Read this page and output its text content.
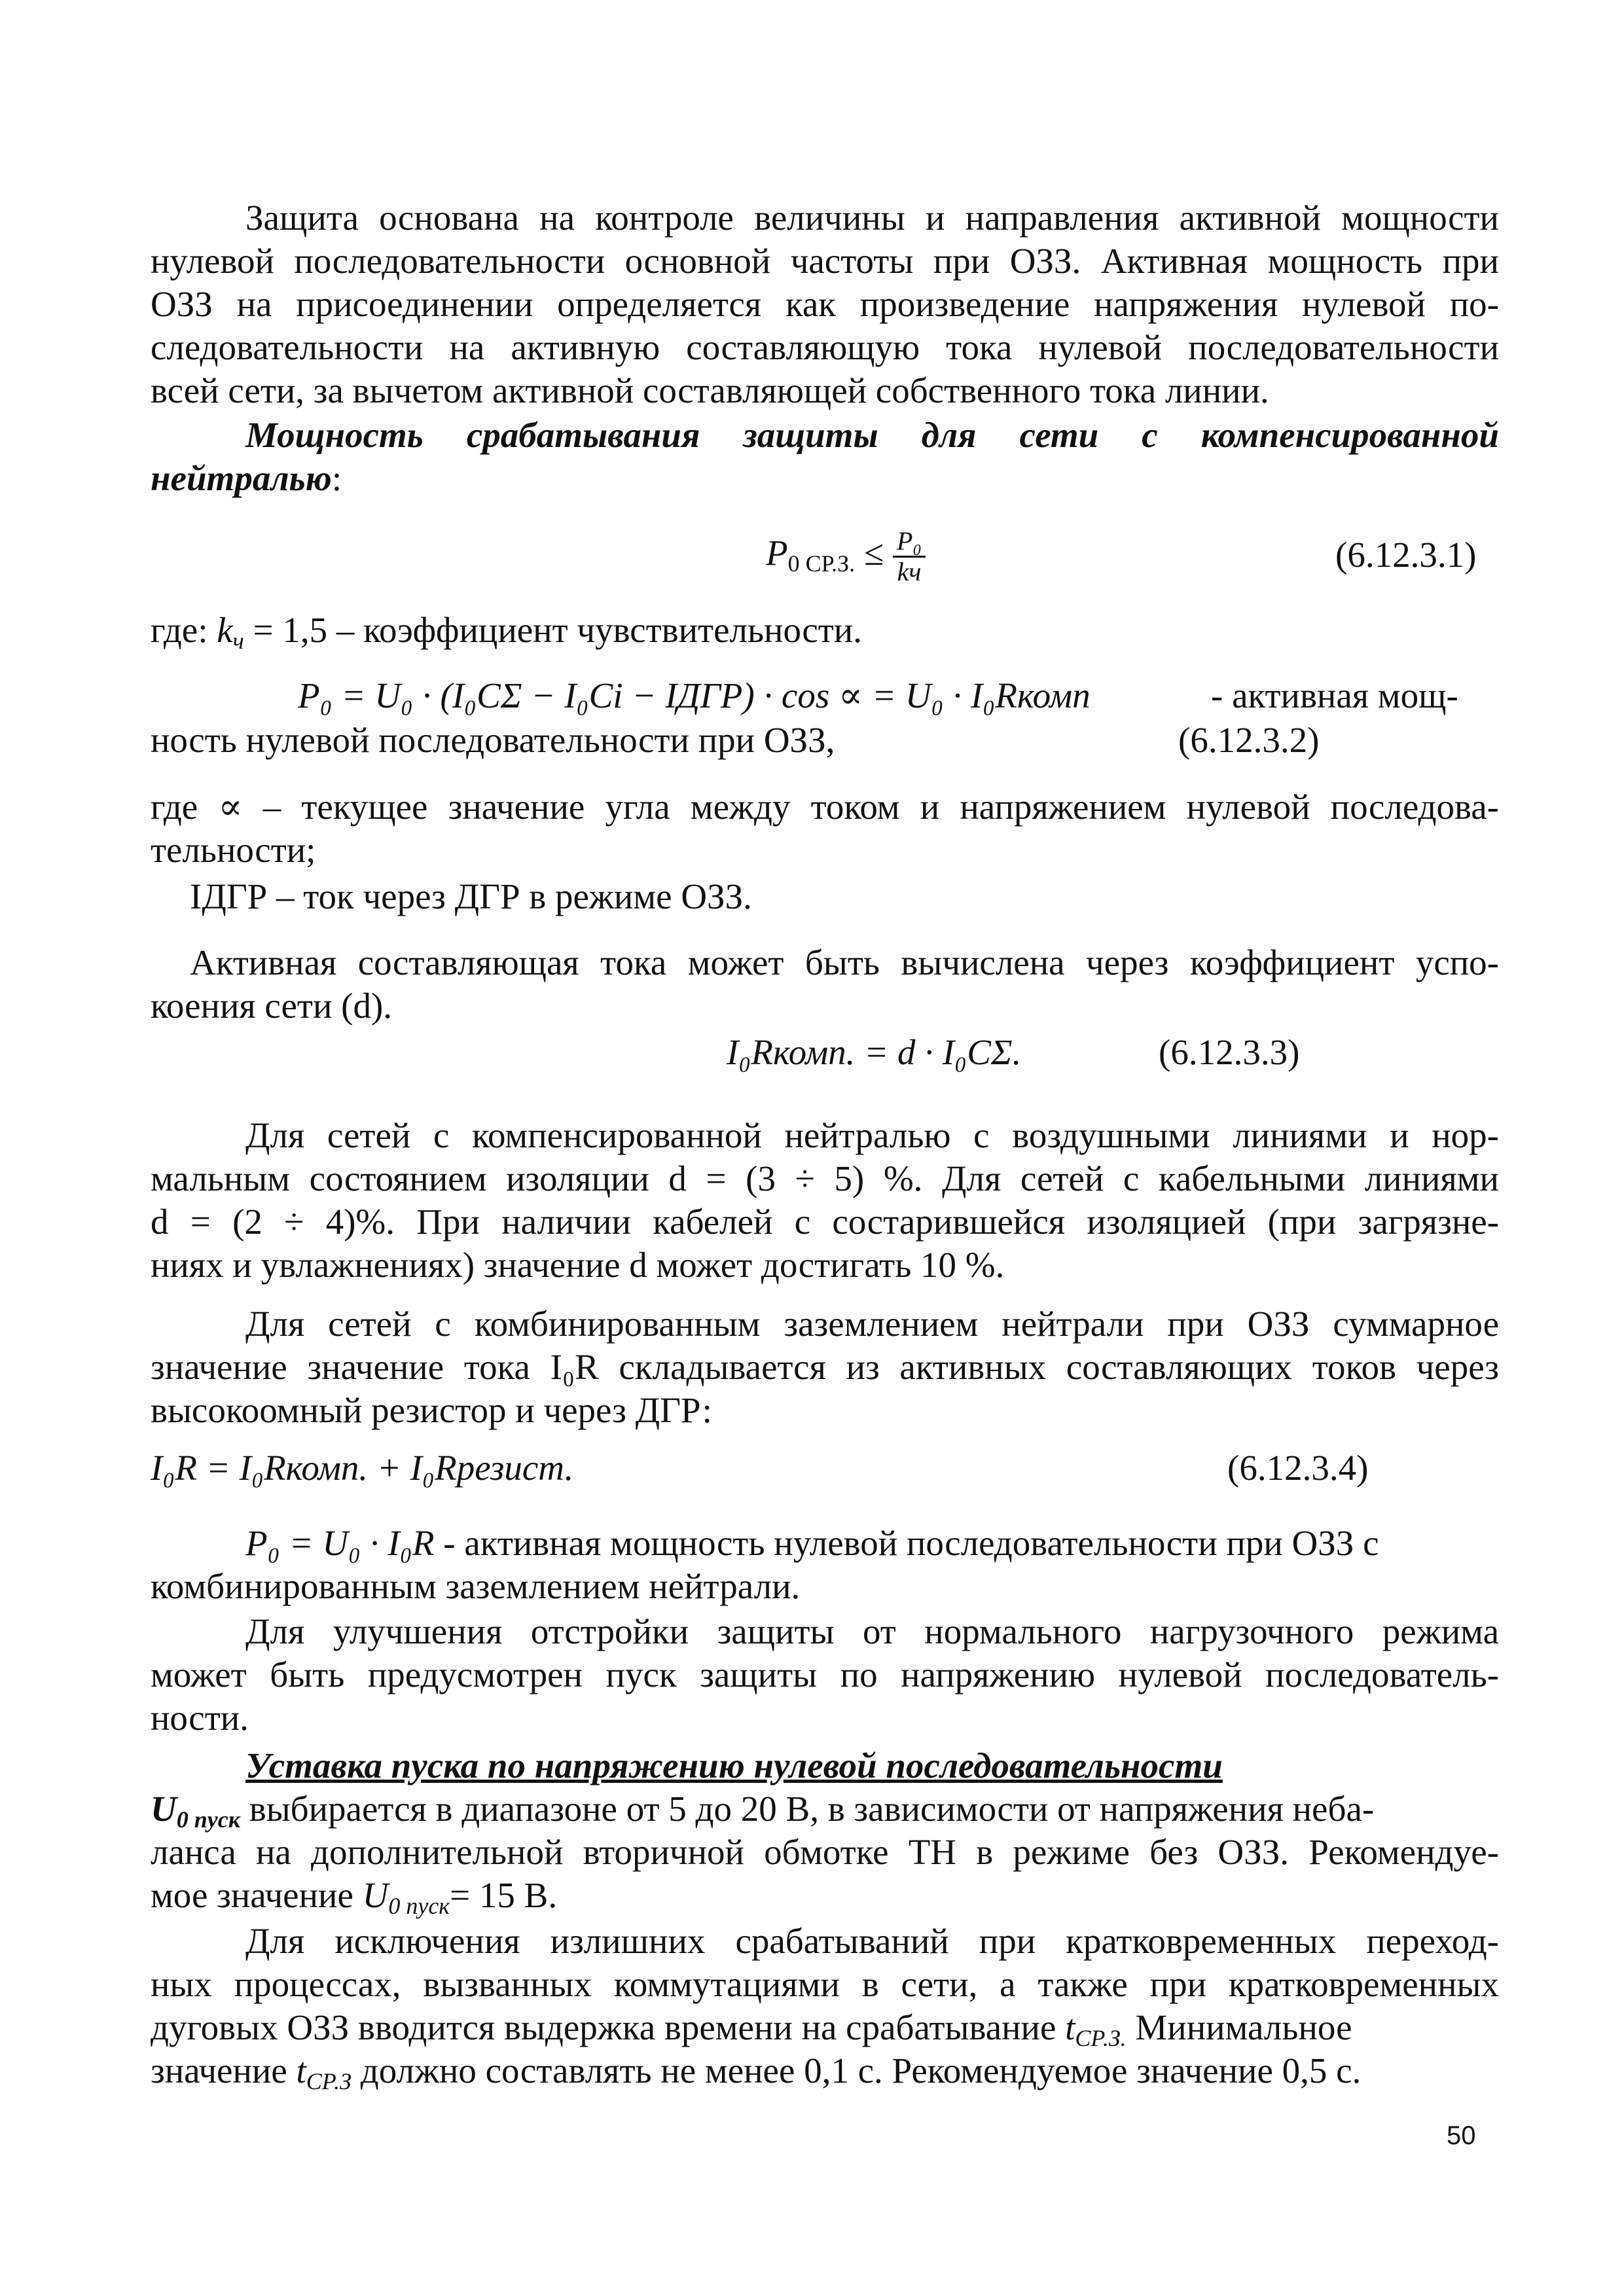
Защита основана на контроле величины и направления активной мощности
нулевой последовательности основной частоты при ОЗЗ. Активная мощность при
ОЗЗ на присоединении определяется как произведение напряжения нулевой по-
следовательности на активную составляющую тока нулевой последовательности
всей сети, за вычетом активной составляющей собственного тока линии.
Мощность срабатывания защиты для сети с компенсированной
нейтралью:
$P_{0 СР.З.} \le \frac{\text{P₀}}{kч}$	(6.12.3.1)
где: kч = 1,5 – коэффициент чувствительности.
P₀ = U₀ · (I₀CΣ − I₀Ci − IДГР) · cos ∝ = U₀ · I₀Rкомп	- активная мощ-
ность нулевой последовательности при ОЗЗ,	(6.12.3.2)
где ∝ – текущее значение угла между током и напряжением нулевой последова-
тельности;
IДГР – ток через ДГР в режиме ОЗЗ.
Активная составляющая тока может быть вычислена через коэффициент успо-
коения сети (d).
I₀Rкомп. = d · I₀CΣ.	(6.12.3.3)
Для сетей с компенсированной нейтралью с воздушными линиями и нор-
мальным состоянием изоляции d = (3 ÷ 5) %. Для сетей с кабельными линиями
d = (2 ÷ 4)%. При наличии кабелей с состарившейся изоляцией (при загрязне-
ниях и увлажнениях) значение d может достигать 10 %.
Для сетей с комбинированным заземлением нейтрали при ОЗЗ суммарное
значение значение тока I₀R складывается из активных составляющих токов через
высокоомный резистор и через ДГР:
I₀R = I₀Rкомп. + I₀Rрезист.	(6.12.3.4)
P₀ = U₀ · I₀R - активная мощность нулевой последовательности при ОЗЗ с
комбинированным заземлением нейтрали.
Для улучшения отстройки защиты от нормального нагрузочного режима
может быть предусмотрен пуск защиты по напряжению нулевой последователь-
ности.
Уставка пуска по напряжению нулевой последовательности
U0 пуск выбирается в диапазоне от 5 до 20 В, в зависимости от напряжения неба-
ланса на дополнительной вторичной обмотке ТН в режиме без ОЗЗ. Рекомендуе-
мое значение U0 пуск= 15 В.
Для исключения излишних срабатываний при кратковременных переход-
ных процессах, вызванных коммутациями в сети, а также при кратковременных
дуговых ОЗЗ вводится выдержка времени на срабатывание tСР.З. Минимальное
значение tСР.З должно составлять не менее 0,1 с. Рекомендуемое значение 0,5 с.
50
